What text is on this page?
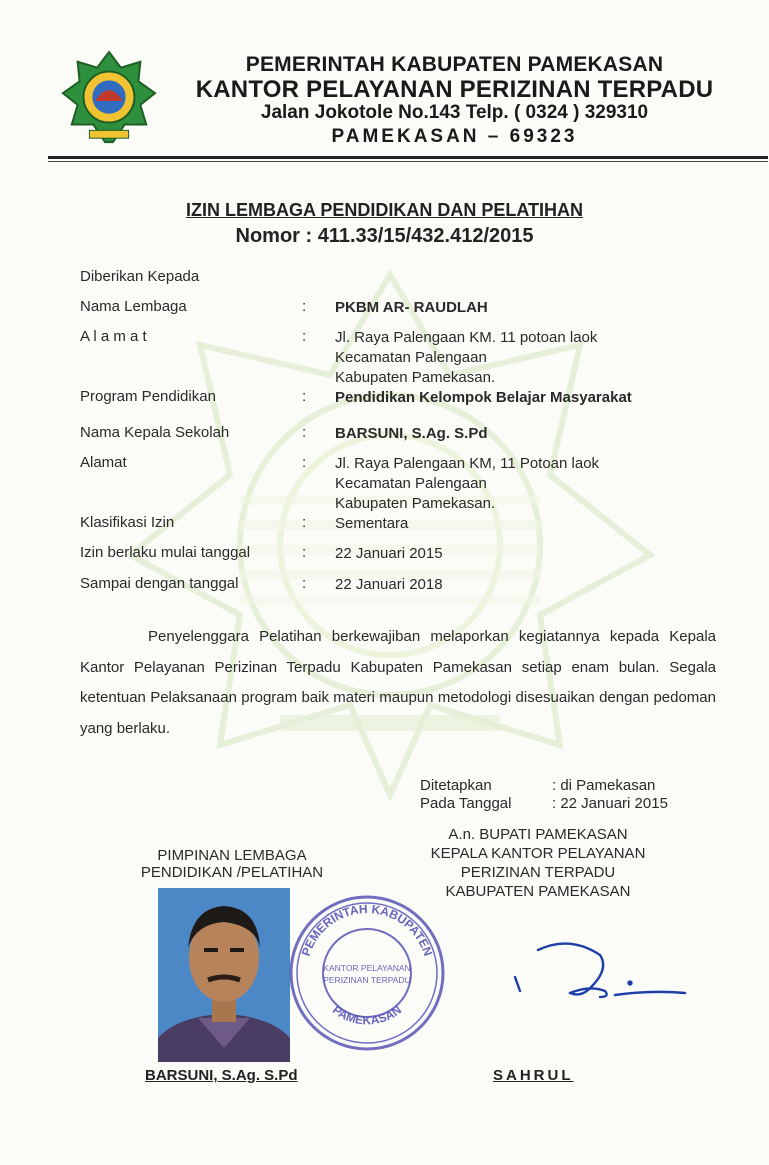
PEMERINTAH KABUPATEN PAMEKASAN
KANTOR PELAYANAN PERIZINAN TERPADU
Jalan Jokotole No.143 Telp. ( 0324 ) 329310
PAMEKASAN – 69323
IZIN LEMBAGA PENDIDIKAN DAN PELATIHAN
Nomor : 411.33/15/432.412/2015
Diberikan Kepada
Nama Lembaga	: PKBM AR- RAUDLAH
A l a m a t	: Jl. Raya Palengaan KM. 11 potoan laok
Kecamatan Palengaan
Kabupaten Pamekasan.
Program Pendidikan	: Pendidikan Kelompok Belajar Masyarakat
Nama Kepala Sekolah	: BARSUNI, S.Ag. S.Pd
Alamat	: Jl. Raya Palengaan KM, 11 Potoan laok
Kecamatan Palengaan
Kabupaten Pamekasan.
Klasifikasi Izin	: Sementara
Izin berlaku mulai tanggal	: 22 Januari 2015
Sampai dengan tanggal	: 22 Januari 2018

Penyelenggara Pelatihan berkewajiban melaporkan kegiatannya kepada Kepala Kantor Pelayanan Perizinan Terpadu Kabupaten Pamekasan setiap enam bulan. Segala ketentuan Pelaksanaan program baik materi maupun metodologi disesuaikan dengan pedoman yang berlaku.

Ditetapkan	: di Pamekasan
Pada Tanggal	: 22 Januari 2015
PIMPINAN LEMBAGA
PENDIDIKAN /PELATIHAN
A.n. BUPATI PAMEKASAN
KEPALA KANTOR PELAYANAN
PERIZINAN TERPADU
KABUPATEN PAMEKASAN
PEMERINTAH KABUPATEN
PAMEKASAN
KANTOR PELAYANAN
PERIZINAN TERPADU
BARSUNI, S.Ag. S.Pd	SAHRUL
